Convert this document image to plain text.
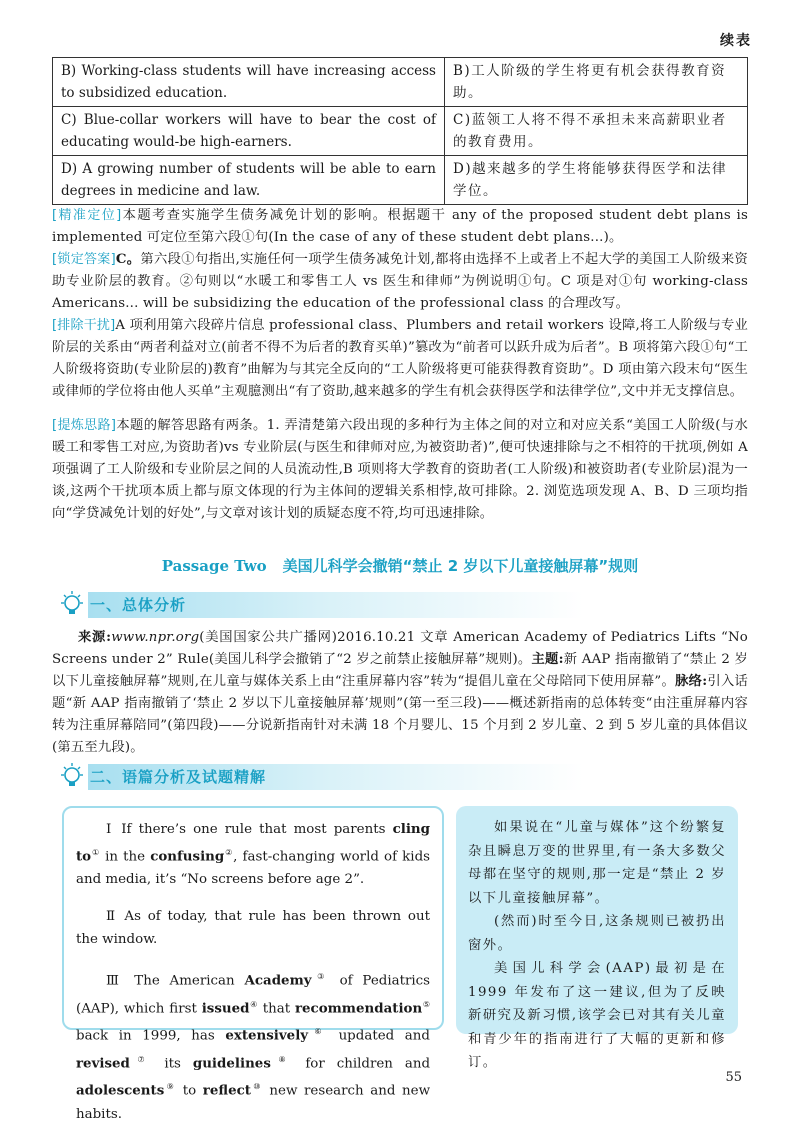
续表
B) Working-class students will have increasing access to subsidized education.	B)工人阶级的学生将更有机会获得教育资助。
C) Blue-collar workers will have to bear the cost of educating would-be high-earners.	C)蓝领工人将不得不承担未来高薪职业者的教育费用。
D) A growing number of students will be able to earn degrees in medicine and law.	D)越来越多的学生将能够获得医学和法律学位。
[精准定位]本题考查实施学生债务减免计划的影响。根据题干 any of the proposed student debt plans is implemented 可定位至第六段①句(In the case of any of these student debt plans...)。
[锁定答案]C。第六段①句指出,实施任何一项学生债务减免计划,都将由选择不上或者上不起大学的美国工人阶级来资助专业阶层的教育。②句则以“水暖工和零售工人 vs 医生和律师”为例说明①句。C 项是对①句 working-class Americans... will be subsidizing the education of the professional class 的合理改写。
[排除干扰]A 项利用第六段碎片信息 professional class、Plumbers and retail workers 设障,将工人阶级与专业阶层的关系由“两者利益对立(前者不得不为后者的教育买单)”篡改为“前者可以跃升成为后者”。B 项将第六段①句“工人阶级将资助(专业阶层的)教育”曲解为与其完全反向的“工人阶级将更可能获得教育资助”。D 项由第六段末句“医生或律师的学位将由他人买单”主观臆测出“有了资助,越来越多的学生有机会获得医学和法律学位”,文中并无支撑信息。
[提炼思路]本题的解答思路有两条。1. 弄清楚第六段出现的多种行为主体之间的对立和对应关系“美国工人阶级(与水暖工和零售工对应,为资助者)vs 专业阶层(与医生和律师对应,为被资助者)”,便可快速排除与之不相符的干扰项,例如 A 项强调了工人阶级和专业阶层之间的人员流动性,B 项则将大学教育的资助者(工人阶级)和被资助者(专业阶层)混为一谈,这两个干扰项本质上都与原文体现的行为主体间的逻辑关系相悖,故可排除。2. 浏览选项发现 A、B、D 三项均指向“学贷减免计划的好处”,与文章对该计划的质疑态度不符,均可迅速排除。
Passage Two 美国儿科学会撤销“禁止 2 岁以下儿童接触屏幕”规则
一、总体分析
来源:www.npr.org(美国国家公共广播网)2016.10.21 文章 American Academy of Pediatrics Lifts “No Screens under 2” Rule(美国儿科学会撤销了“2 岁之前禁止接触屏幕”规则)。主题:新 AAP 指南撤销了“禁止 2 岁以下儿童接触屏幕”规则,在儿童与媒体关系上由“注重屏幕内容”转为“提倡儿童在父母陪同下使用屏幕”。脉络:引入话题“新 AAP 指南撤销了‘禁止 2 岁以下儿童接触屏幕’规则”(第一至三段)——概述新指南的总体转变“由注重屏幕内容转为注重屏幕陪同”(第四段)——分说新指南针对未满 18 个月婴儿、15 个月到 2 岁儿童、2 到 5 岁儿童的具体倡议(第五至九段)。
二、语篇分析及试题精解

Ⅰ If there’s one rule that most parents cling to① in the confusing②, fast-changing world of kids and media, it’s “No screens before age 2”.

Ⅱ As of today, that rule has been thrown out the window.

Ⅲ The American Academy③ of Pediatrics (AAP), which first issued④ that recommendation⑤ back in 1999, has extensively⑥ updated and revised⑦ its guidelines⑧ for children and adolescents⑨ to reflect⑩ new research and new habits.

如果说在“儿童与媒体”这个纷繁复杂且瞬息万变的世界里,有一条大多数父母都在坚守的规则,那一定是“禁止 2 岁以下儿童接触屏幕”。

(然而)时至今日,这条规则已被扔出窗外。

美国儿科学会(AAP)最初是在 1999 年发布了这一建议,但为了反映新研究及新习惯,该学会已对其有关儿童和青少年的指南进行了大幅的更新和修订。

55
